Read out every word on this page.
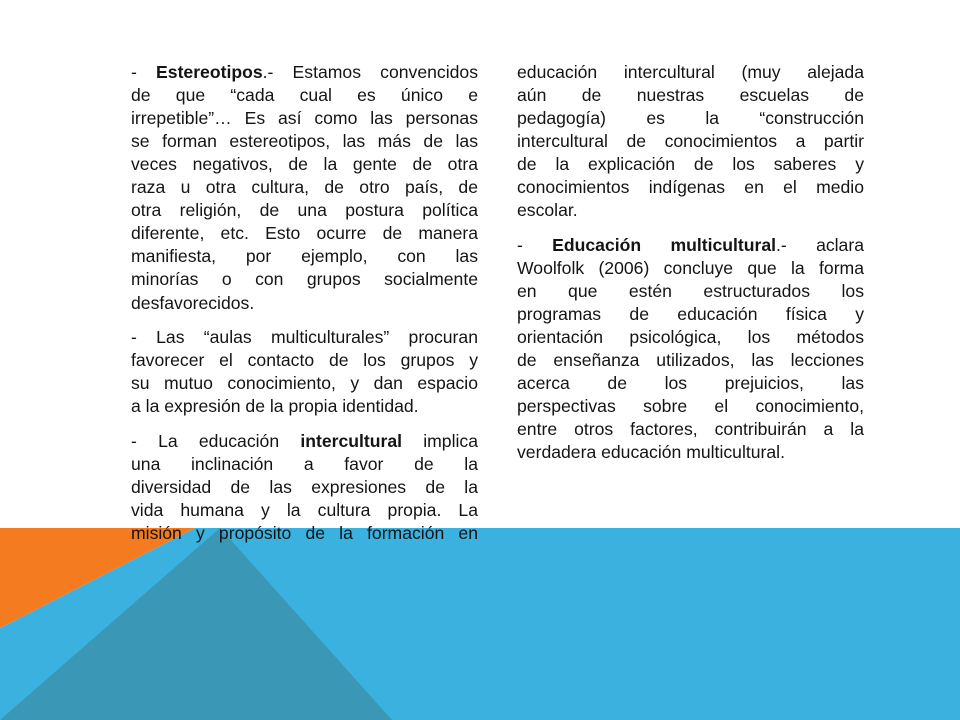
- Estereotipos.- Estamos convencidos
de que “cada cual es único e
irrepetible”… Es así como las personas
se forman estereotipos, las más de las
veces negativos, de la gente de otra
raza u otra cultura, de otro país, de
otra religión, de una postura política
diferente, etc. Esto ocurre de manera
manifiesta, por ejemplo, con las
minorías o con grupos socialmente
desfavorecidos.
- Las “aulas multiculturales” procuran
favorecer el contacto de los grupos y
su mutuo conocimiento, y dan espacio
a la expresión de la propia identidad.
- La educación intercultural implica
una inclinación a favor de la
diversidad de las expresiones de la
vida humana y la cultura propia. La
misión y propósito de la formación en
educación intercultural (muy alejada
aún de nuestras escuelas de
pedagogía) es la “construcción
intercultural de conocimientos a partir
de la explicación de los saberes y
conocimientos indígenas en el medio
escolar.
- Educación multicultural.- aclara
Woolfolk (2006) concluye que la forma
en que estén estructurados los
programas de educación física y
orientación psicológica, los métodos
de enseñanza utilizados, las lecciones
acerca de los prejuicios, las
perspectivas sobre el conocimiento,
entre otros factores, contribuirán a la
verdadera educación multicultural.
